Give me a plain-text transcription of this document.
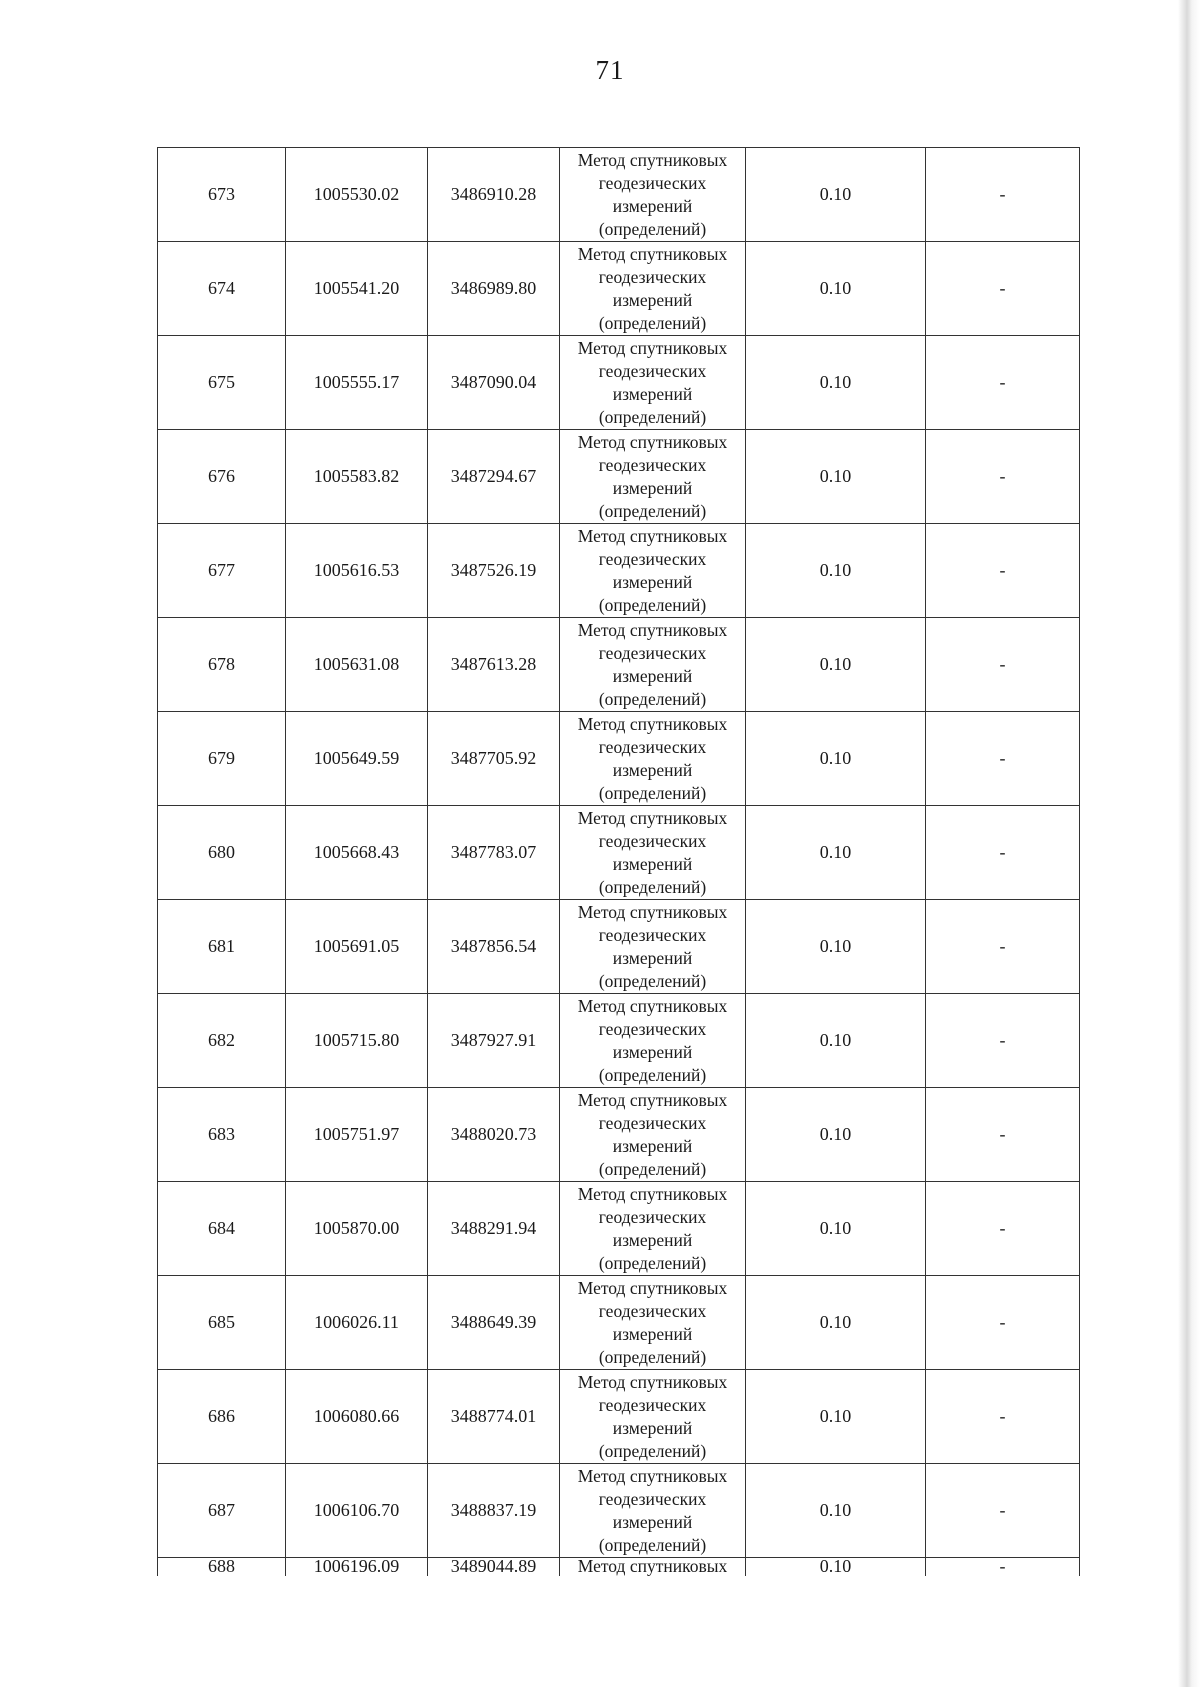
71
673	1005530.02	3486910.28	Метод спутниковых геодезических измерений (определений)	0.10	-
674	1005541.20	3486989.80	Метод спутниковых геодезических измерений (определений)	0.10	-
675	1005555.17	3487090.04	Метод спутниковых геодезических измерений (определений)	0.10	-
676	1005583.82	3487294.67	Метод спутниковых геодезических измерений (определений)	0.10	-
677	1005616.53	3487526.19	Метод спутниковых геодезических измерений (определений)	0.10	-
678	1005631.08	3487613.28	Метод спутниковых геодезических измерений (определений)	0.10	-
679	1005649.59	3487705.92	Метод спутниковых геодезических измерений (определений)	0.10	-
680	1005668.43	3487783.07	Метод спутниковых геодезических измерений (определений)	0.10	-
681	1005691.05	3487856.54	Метод спутниковых геодезических измерений (определений)	0.10	-
682	1005715.80	3487927.91	Метод спутниковых геодезических измерений (определений)	0.10	-
683	1005751.97	3488020.73	Метод спутниковых геодезических измерений (определений)	0.10	-
684	1005870.00	3488291.94	Метод спутниковых геодезических измерений (определений)	0.10	-
685	1006026.11	3488649.39	Метод спутниковых геодезических измерений (определений)	0.10	-
686	1006080.66	3488774.01	Метод спутниковых геодезических измерений (определений)	0.10	-
687	1006106.70	3488837.19	Метод спутниковых геодезических измерений (определений)	0.10	-
688	1006196.09	3489044.89	Метод спутниковых	0.10	-
